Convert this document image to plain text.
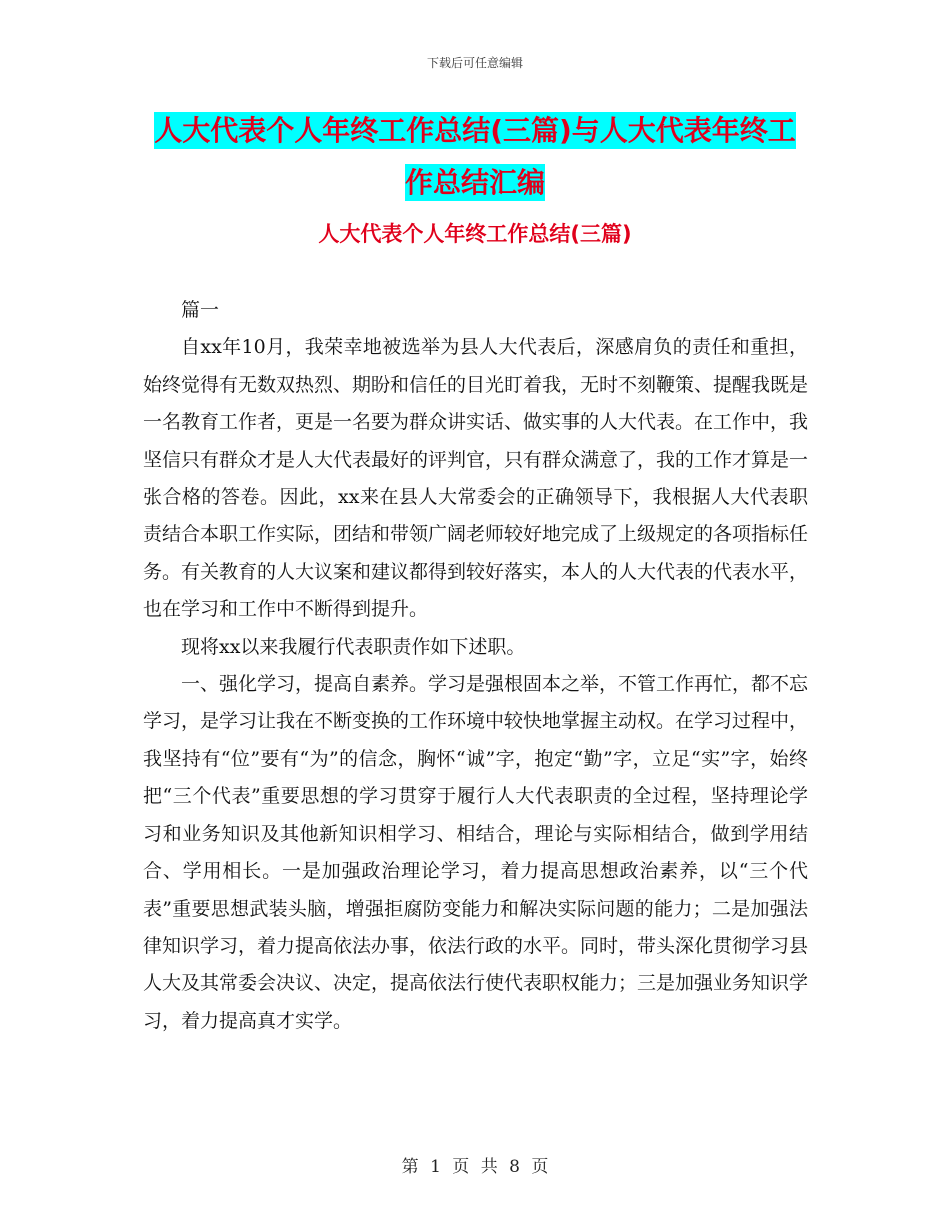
下载后可任意编辑
人大代表个人年终工作总结(三篇)与人大代表年终工
作总结汇编
人大代表个人年终工作总结(三篇)

篇一

自xx年10月，我荣幸地被选举为县人大代表后，深感肩负的责任和重担，始终觉得有无数双热烈、期盼和信任的目光盯着我，无时不刻鞭策、提醒我既是一名教育工作者，更是一名要为群众讲实话、做实事的人大代表。在工作中，我坚信只有群众才是人大代表最好的评判官，只有群众满意了，我的工作才算是一张合格的答卷。因此，xx来在县人大常委会的正确领导下，我根据人大代表职责结合本职工作实际，团结和带领广阔老师较好地完成了上级规定的各项指标任务。有关教育的人大议案和建议都得到较好落实，本人的人大代表的代表水平，也在学习和工作中不断得到提升。

现将xx以来我履行代表职责作如下述职。

一、强化学习，提高自素养。学习是强根固本之举，不管工作再忙，都不忘学习，是学习让我在不断变换的工作环境中较快地掌握主动权。在学习过程中，我坚持有“位”要有“为”的信念，胸怀“诚”字，抱定“勤”字，立足“实”字，始终把“三个代表”重要思想的学习贯穿于履行人大代表职责的全过程，坚持理论学习和业务知识及其他新知识相学习、相结合，理论与实际相结合，做到学用结合、学用相长。一是加强政治理论学习，着力提高思想政治素养，以“三个代表”重要思想武装头脑，增强拒腐防变能力和解决实际问题的能力；二是加强法律知识学习，着力提高依法办事，依法行政的水平。同时，带头深化贯彻学习县人大及其常委会决议、决定，提高依法行使代表职权能力；三是加强业务知识学习，着力提高真才实学。

第 1 页 共 8 页
